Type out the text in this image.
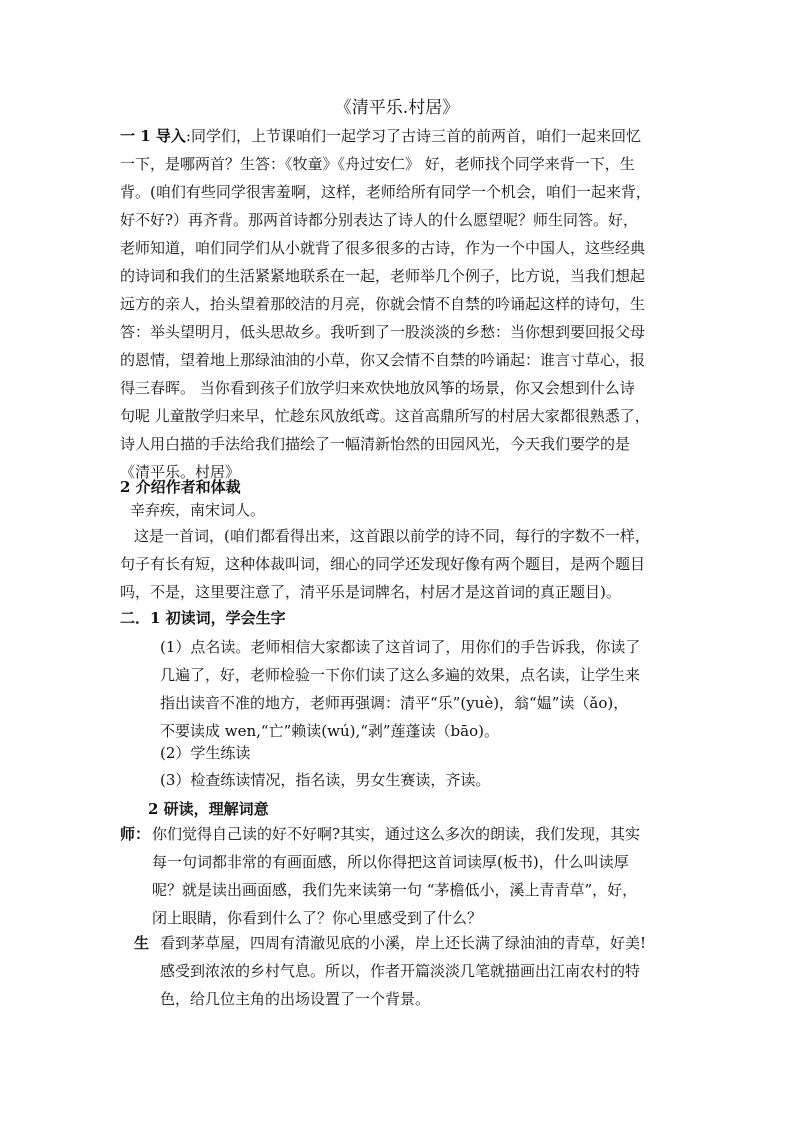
《清平乐.村居》
一 1 导入:同学们，上节课咱们一起学习了古诗三首的前两首，咱们一起来回忆
一下，是哪两首？生答：《牧童》《舟过安仁》 好，老师找个同学来背一下，生
背。(咱们有些同学很害羞啊，这样，老师给所有同学一个机会，咱们一起来背，
好不好?）再齐背。那两首诗都分别表达了诗人的什么愿望呢？师生同答。好，
老师知道，咱们同学们从小就背了很多很多的古诗，作为一个中国人，这些经典
的诗词和我们的生活紧紧地联系在一起，老师举几个例子，比方说，当我们想起
远方的亲人，抬头望着那皎洁的月亮，你就会情不自禁的吟诵起这样的诗句，生
答：举头望明月，低头思故乡。我听到了一股淡淡的乡愁：当你想到要回报父母
的恩情，望着地上那绿油油的小草，你又会情不自禁的吟诵起：谁言寸草心，报
得三春晖。 当你看到孩子们放学归来欢快地放风筝的场景，你又会想到什么诗
句呢 儿童散学归来早，忙趁东风放纸鸢。这首高鼎所写的村居大家都很熟悉了，
诗人用白描的手法给我们描绘了一幅清新怡然的田园风光，今天我们要学的是
《清平乐。村居》
2 介绍作者和体裁
辛弃疾，南宋词人。
这是一首词，(咱们都看得出来，这首跟以前学的诗不同，每行的字数不一样，
句子有长有短，这种体裁叫词，细心的同学还发现好像有两个题目，是两个题目
吗，不是，这里要注意了，清平乐是词牌名，村居才是这首词的真正题目)。
二．1 初读词，学会生字
(1）点名读。老师相信大家都读了这首词了，用你们的手告诉我，你读了
几遍了，好，老师检验一下你们读了这么多遍的效果，点名读，让学生来
指出读音不准的地方，老师再强调：清平“乐”(yuè)，翁“媪”读（ǎo)，
不要读成 wen,“亡”赖读(wú),“剥”莲蓬读（bāo)。
(2）学生练读
(3）检查练读情况，指名读，男女生赛读，齐读。
2 研读，理解词意
师： 你们觉得自己读的好不好啊?其实，通过这么多次的朗读，我们发现，其实
每一句词都非常的有画面感，所以你得把这首词读厚(板书)，什么叫读厚
呢？就是读出画面感，我们先来读第一句 “茅檐低小，溪上青青草”，好，
闭上眼睛，你看到什么了？你心里感受到了什么？
生 看到茅草屋，四周有清澈见底的小溪，岸上还长满了绿油油的青草，好美!
感受到浓浓的乡村气息。所以，作者开篇淡淡几笔就描画出江南农村的特
色，给几位主角的出场设置了一个背景。
